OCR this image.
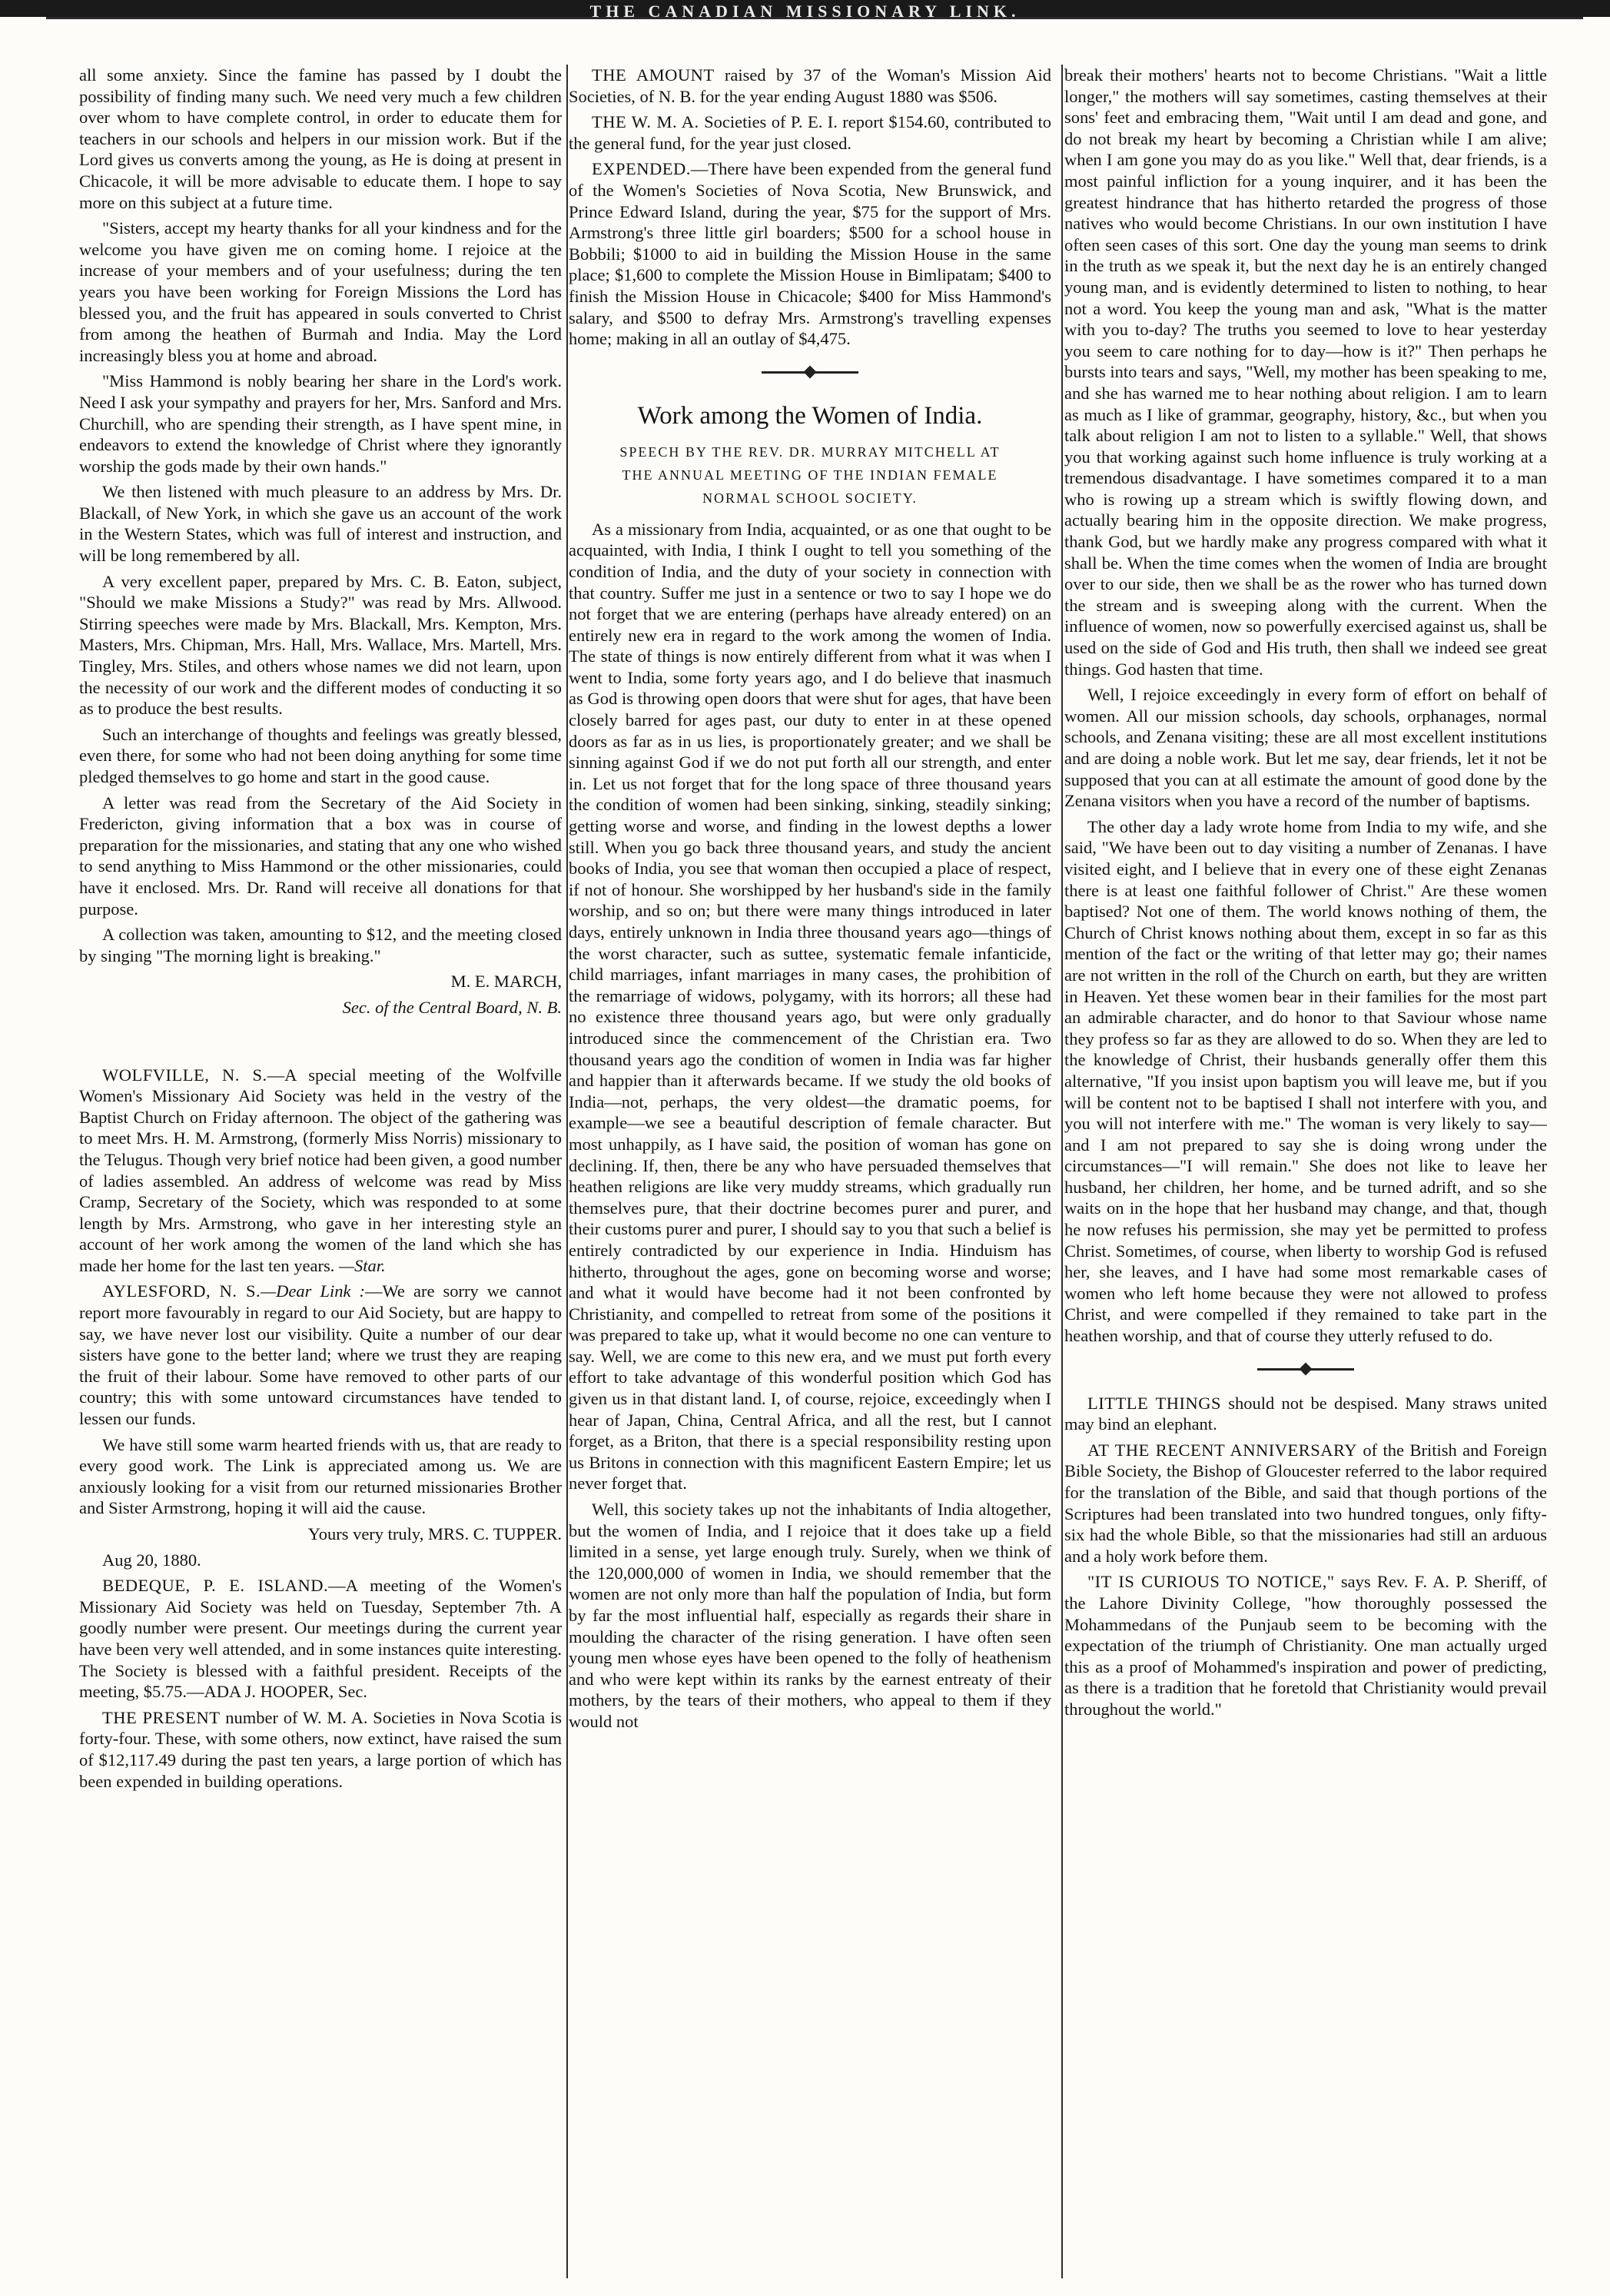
THE CANADIAN MISSIONARY LINK.

all some anxiety. Since the famine has passed by I doubt the possibility of finding many such. We need very much a few children over whom to have complete control, in order to educate them for teachers in our schools and helpers in our mission work. But if the Lord gives us converts among the young, as He is doing at present in Chicacole, it will be more advisable to educate them. I hope to say more on this subject at a future time.

"Sisters, accept my hearty thanks for all your kindness and for the welcome you have given me on coming home. I rejoice at the increase of your members and of your usefulness; during the ten years you have been working for Foreign Missions the Lord has blessed you, and the fruit has appeared in souls converted to Christ from among the heathen of Burmah and India. May the Lord increasingly bless you at home and abroad.

"Miss Hammond is nobly bearing her share in the Lord's work. Need I ask your sympathy and prayers for her, Mrs. Sanford and Mrs. Churchill, who are spending their strength, as I have spent mine, in endeavors to extend the knowledge of Christ where they ignorantly worship the gods made by their own hands."

We then listened with much pleasure to an address by Mrs. Dr. Blackall, of New York, in which she gave us an account of the work in the Western States, which was full of interest and instruction, and will be long remembered by all.

A very excellent paper, prepared by Mrs. C. B. Eaton, subject, "Should we make Missions a Study?" was read by Mrs. Allwood. Stirring speeches were made by Mrs. Blackall, Mrs. Kempton, Mrs. Masters, Mrs. Chipman, Mrs. Hall, Mrs. Wallace, Mrs. Martell, Mrs. Tingley, Mrs. Stiles, and others whose names we did not learn, upon the necessity of our work and the different modes of conducting it so as to produce the best results.

Such an interchange of thoughts and feelings was greatly blessed, even there, for some who had not been doing anything for some time pledged themselves to go home and start in the good cause.

A letter was read from the Secretary of the Aid Society in Fredericton, giving information that a box was in course of preparation for the missionaries, and stating that any one who wished to send anything to Miss Hammond or the other missionaries, could have it enclosed. Mrs. Dr. Rand will receive all donations for that purpose.

A collection was taken, amounting to $12, and the meeting closed by singing "The morning light is breaking."

M. E. MARCH,

Sec. of the Central Board, N. B.

WOLFVILLE, N. S.—A special meeting of the Wolfville Women's Missionary Aid Society was held in the vestry of the Baptist Church on Friday afternoon. The object of the gathering was to meet Mrs. H. M. Armstrong, (formerly Miss Norris) missionary to the Telugus. Though very brief notice had been given, a good number of ladies assembled. An address of welcome was read by Miss Cramp, Secretary of the Society, which was responded to at some length by Mrs. Armstrong, who gave in her interesting style an account of her work among the women of the land which she has made her home for the last ten years. —Star.

AYLESFORD, N. S.—Dear Link :—We are sorry we cannot report more favourably in regard to our Aid Society, but are happy to say, we have never lost our visibility. Quite a number of our dear sisters have gone to the better land; where we trust they are reaping the fruit of their labour. Some have removed to other parts of our country; this with some untoward circumstances have tended to lessen our funds.

We have still some warm hearted friends with us, that are ready to every good work. The Link is appreciated among us. We are anxiously looking for a visit from our returned missionaries Brother and Sister Armstrong, hoping it will aid the cause.

Yours very truly, MRS. C. TUPPER.

Aug 20, 1880.

BEDEQUE, P. E. ISLAND.—A meeting of the Women's Missionary Aid Society was held on Tuesday, September 7th. A goodly number were present. Our meetings during the current year have been very well attended, and in some instances quite interesting. The Society is blessed with a faithful president. Receipts of the meeting, $5.75.—ADA J. HOOPER, Sec.

THE PRESENT number of W. M. A. Societies in Nova Scotia is forty-four. These, with some others, now extinct, have raised the sum of $12,117.49 during the past ten years, a large portion of which has been expended in building operations.

THE AMOUNT raised by 37 of the Woman's Mission Aid Societies, of N. B. for the year ending August 1880 was $506.

THE W. M. A. Societies of P. E. I. report $154.60, contributed to the general fund, for the year just closed.

EXPENDED.—There have been expended from the general fund of the Women's Societies of Nova Scotia, New Brunswick, and Prince Edward Island, during the year, $75 for the support of Mrs. Armstrong's three little girl boarders; $500 for a school house in Bobbili; $1000 to aid in building the Mission House in the same place; $1,600 to complete the Mission House in Bimlipatam; $400 to finish the Mission House in Chicacole; $400 for Miss Hammond's salary, and $500 to defray Mrs. Armstrong's travelling expenses home; making in all an outlay of $4,475.

Work among the Women of India.
SPEECH BY THE REV. DR. MURRAY MITCHELL AT
THE ANNUAL MEETING OF THE INDIAN FEMALE
NORMAL SCHOOL SOCIETY.

As a missionary from India, acquainted, or as one that ought to be acquainted, with India, I think I ought to tell you something of the condition of India, and the duty of your society in connection with that country. Suffer me just in a sentence or two to say I hope we do not forget that we are entering (perhaps have already entered) on an entirely new era in regard to the work among the women of India. The state of things is now entirely different from what it was when I went to India, some forty years ago, and I do believe that inasmuch as God is throwing open doors that were shut for ages, that have been closely barred for ages past, our duty to enter in at these opened doors as far as in us lies, is proportionately greater; and we shall be sinning against God if we do not put forth all our strength, and enter in. Let us not forget that for the long space of three thousand years the condition of women had been sinking, sinking, steadily sinking; getting worse and worse, and finding in the lowest depths a lower still. When you go back three thousand years, and study the ancient books of India, you see that woman then occupied a place of respect, if not of honour. She worshipped by her husband's side in the family worship, and so on; but there were many things introduced in later days, entirely unknown in India three thousand years ago—things of the worst character, such as suttee, systematic female infanticide, child marriages, infant marriages in many cases, the prohibition of the remarriage of widows, polygamy, with its horrors; all these had no existence three thousand years ago, but were only gradually introduced since the commencement of the Christian era. Two thousand years ago the condition of women in India was far higher and happier than it afterwards became. If we study the old books of India—not, perhaps, the very oldest—the dramatic poems, for example—we see a beautiful description of female character. But most unhappily, as I have said, the position of woman has gone on declining. If, then, there be any who have persuaded themselves that heathen religions are like very muddy streams, which gradually run themselves pure, that their doctrine becomes purer and purer, and their customs purer and purer, I should say to you that such a belief is entirely contradicted by our experience in India. Hinduism has hitherto, throughout the ages, gone on becoming worse and worse; and what it would have become had it not been confronted by Christianity, and compelled to retreat from some of the positions it was prepared to take up, what it would become no one can venture to say. Well, we are come to this new era, and we must put forth every effort to take advantage of this wonderful position which God has given us in that distant land. I, of course, rejoice, exceedingly when I hear of Japan, China, Central Africa, and all the rest, but I cannot forget, as a Briton, that there is a special responsibility resting upon us Britons in connection with this magnificent Eastern Empire; let us never forget that.

Well, this society takes up not the inhabitants of India altogether, but the women of India, and I rejoice that it does take up a field limited in a sense, yet large enough truly. Surely, when we think of the 120,000,000 of women in India, we should remember that the women are not only more than half the population of India, but form by far the most influential half, especially as regards their share in moulding the character of the rising generation. I have often seen young men whose eyes have been opened to the folly of heathenism and who were kept within its ranks by the earnest entreaty of their mothers, by the tears of their mothers, who appeal to them if they would not

break their mothers' hearts not to become Christians. "Wait a little longer," the mothers will say sometimes, casting themselves at their sons' feet and embracing them, "Wait until I am dead and gone, and do not break my heart by becoming a Christian while I am alive; when I am gone you may do as you like." Well that, dear friends, is a most painful infliction for a young inquirer, and it has been the greatest hindrance that has hitherto retarded the progress of those natives who would become Christians. In our own institution I have often seen cases of this sort. One day the young man seems to drink in the truth as we speak it, but the next day he is an entirely changed young man, and is evidently determined to listen to nothing, to hear not a word. You keep the young man and ask, "What is the matter with you to-day? The truths you seemed to love to hear yesterday you seem to care nothing for to day—how is it?" Then perhaps he bursts into tears and says, "Well, my mother has been speaking to me, and she has warned me to hear nothing about religion. I am to learn as much as I like of grammar, geography, history, &c., but when you talk about religion I am not to listen to a syllable." Well, that shows you that working against such home influence is truly working at a tremendous disadvantage. I have sometimes compared it to a man who is rowing up a stream which is swiftly flowing down, and actually bearing him in the opposite direction. We make progress, thank God, but we hardly make any progress compared with what it shall be. When the time comes when the women of India are brought over to our side, then we shall be as the rower who has turned down the stream and is sweeping along with the current. When the influence of women, now so powerfully exercised against us, shall be used on the side of God and His truth, then shall we indeed see great things. God hasten that time.

Well, I rejoice exceedingly in every form of effort on behalf of women. All our mission schools, day schools, orphanages, normal schools, and Zenana visiting; these are all most excellent institutions and are doing a noble work. But let me say, dear friends, let it not be supposed that you can at all estimate the amount of good done by the Zenana visitors when you have a record of the number of baptisms.

The other day a lady wrote home from India to my wife, and she said, "We have been out to day visiting a number of Zenanas. I have visited eight, and I believe that in every one of these eight Zenanas there is at least one faithful follower of Christ." Are these women baptised? Not one of them. The world knows nothing of them, the Church of Christ knows nothing about them, except in so far as this mention of the fact or the writing of that letter may go; their names are not written in the roll of the Church on earth, but they are written in Heaven. Yet these women bear in their families for the most part an admirable character, and do honor to that Saviour whose name they profess so far as they are allowed to do so. When they are led to the knowledge of Christ, their husbands generally offer them this alternative, "If you insist upon baptism you will leave me, but if you will be content not to be baptised I shall not interfere with you, and you will not interfere with me." The woman is very likely to say—and I am not prepared to say she is doing wrong under the circumstances—"I will remain." She does not like to leave her husband, her children, her home, and be turned adrift, and so she waits on in the hope that her husband may change, and that, though he now refuses his permission, she may yet be permitted to profess Christ. Sometimes, of course, when liberty to worship God is refused her, she leaves, and I have had some most remarkable cases of women who left home because they were not allowed to profess Christ, and were compelled if they remained to take part in the heathen worship, and that of course they utterly refused to do.

LITTLE THINGS should not be despised. Many straws united may bind an elephant.

AT THE RECENT ANNIVERSARY of the British and Foreign Bible Society, the Bishop of Gloucester referred to the labor required for the translation of the Bible, and said that though portions of the Scriptures had been translated into two hundred tongues, only fifty-six had the whole Bible, so that the missionaries had still an arduous and a holy work before them.

"IT IS CURIOUS TO NOTICE," says Rev. F. A. P. Sheriff, of the Lahore Divinity College, "how thoroughly possessed the Mohammedans of the Punjaub seem to be becoming with the expectation of the triumph of Christianity. One man actually urged this as a proof of Mohammed's inspiration and power of predicting, as there is a tradition that he foretold that Christianity would prevail throughout the world."
